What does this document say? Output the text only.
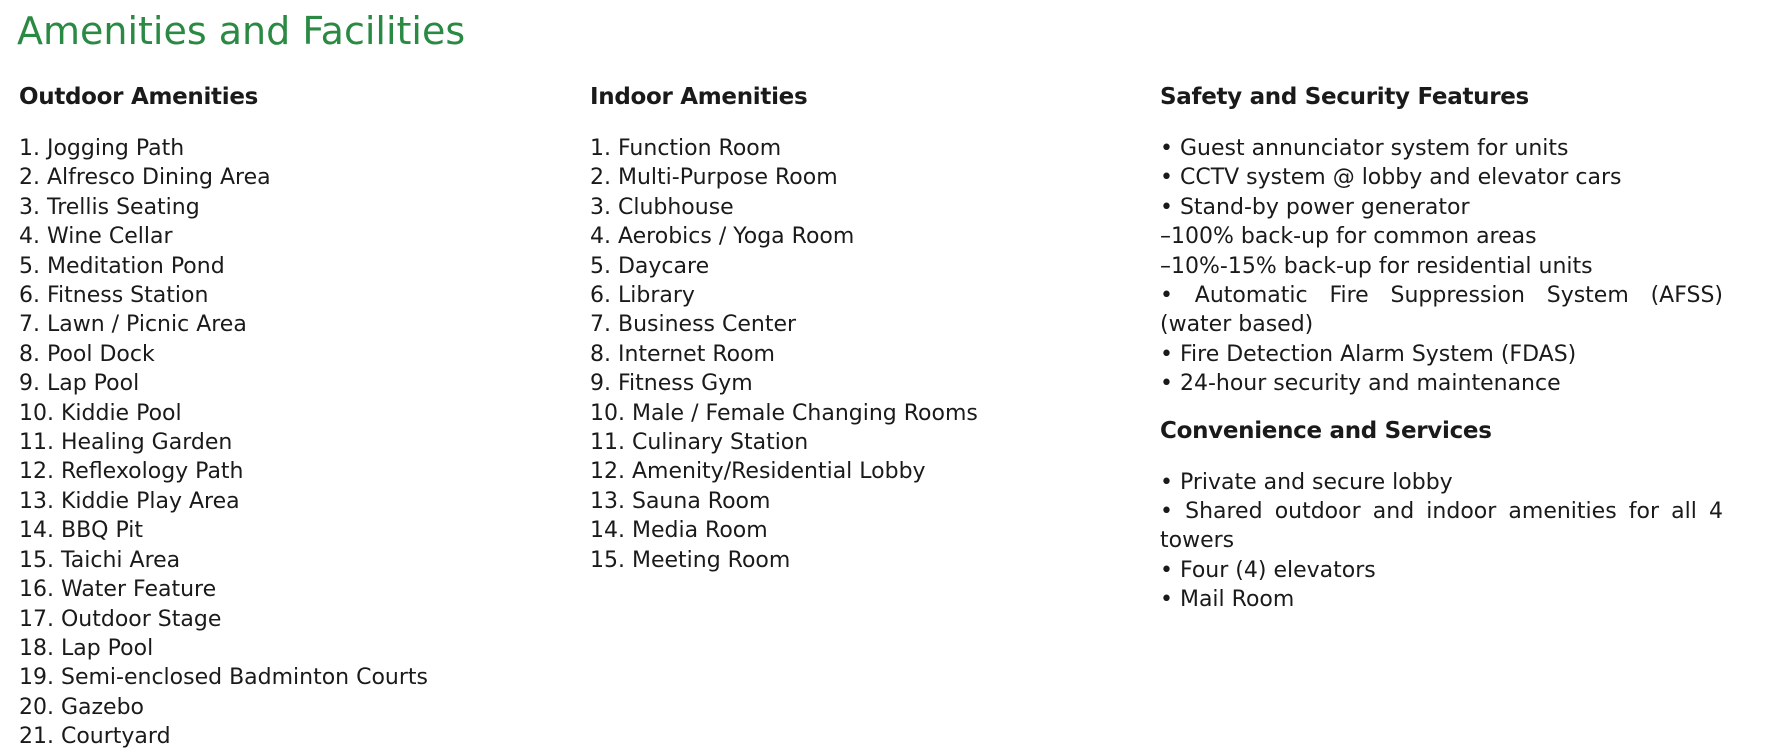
Amenities and Facilities
Outdoor Amenities
1. Jogging Path
2. Alfresco Dining Area
3. Trellis Seating
4. Wine Cellar
5. Meditation Pond
6. Fitness Station
7. Lawn / Picnic Area
8. Pool Dock
9. Lap Pool
10. Kiddie Pool
11. Healing Garden
12. Reflexology Path
13. Kiddie Play Area
14. BBQ Pit
15. Taichi Area
16. Water Feature
17. Outdoor Stage
18. Lap Pool
19. Semi-enclosed Badminton Courts
20. Gazebo
21. Courtyard
Indoor Amenities
1. Function Room
2. Multi-Purpose Room
3. Clubhouse
4. Aerobics / Yoga Room
5. Daycare
6. Library
7. Business Center
8. Internet Room
9. Fitness Gym
10. Male / Female Changing Rooms
11. Culinary Station
12. Amenity/Residential Lobby
13. Sauna Room
14. Media Room
15. Meeting Room
Safety and Security Features
• Guest annunciator system for units
• CCTV system @ lobby and elevator cars
• Stand-by power generator
–100% back-up for common areas
–10%-15% back-up for residential units
• Automatic Fire Suppression System (AFSS) (water based)
• Fire Detection Alarm System (FDAS)
• 24-hour security and maintenance
Convenience and Services
• Private and secure lobby
• Shared outdoor and indoor amenities for all 4 towers
• Four (4) elevators
• Mail Room
